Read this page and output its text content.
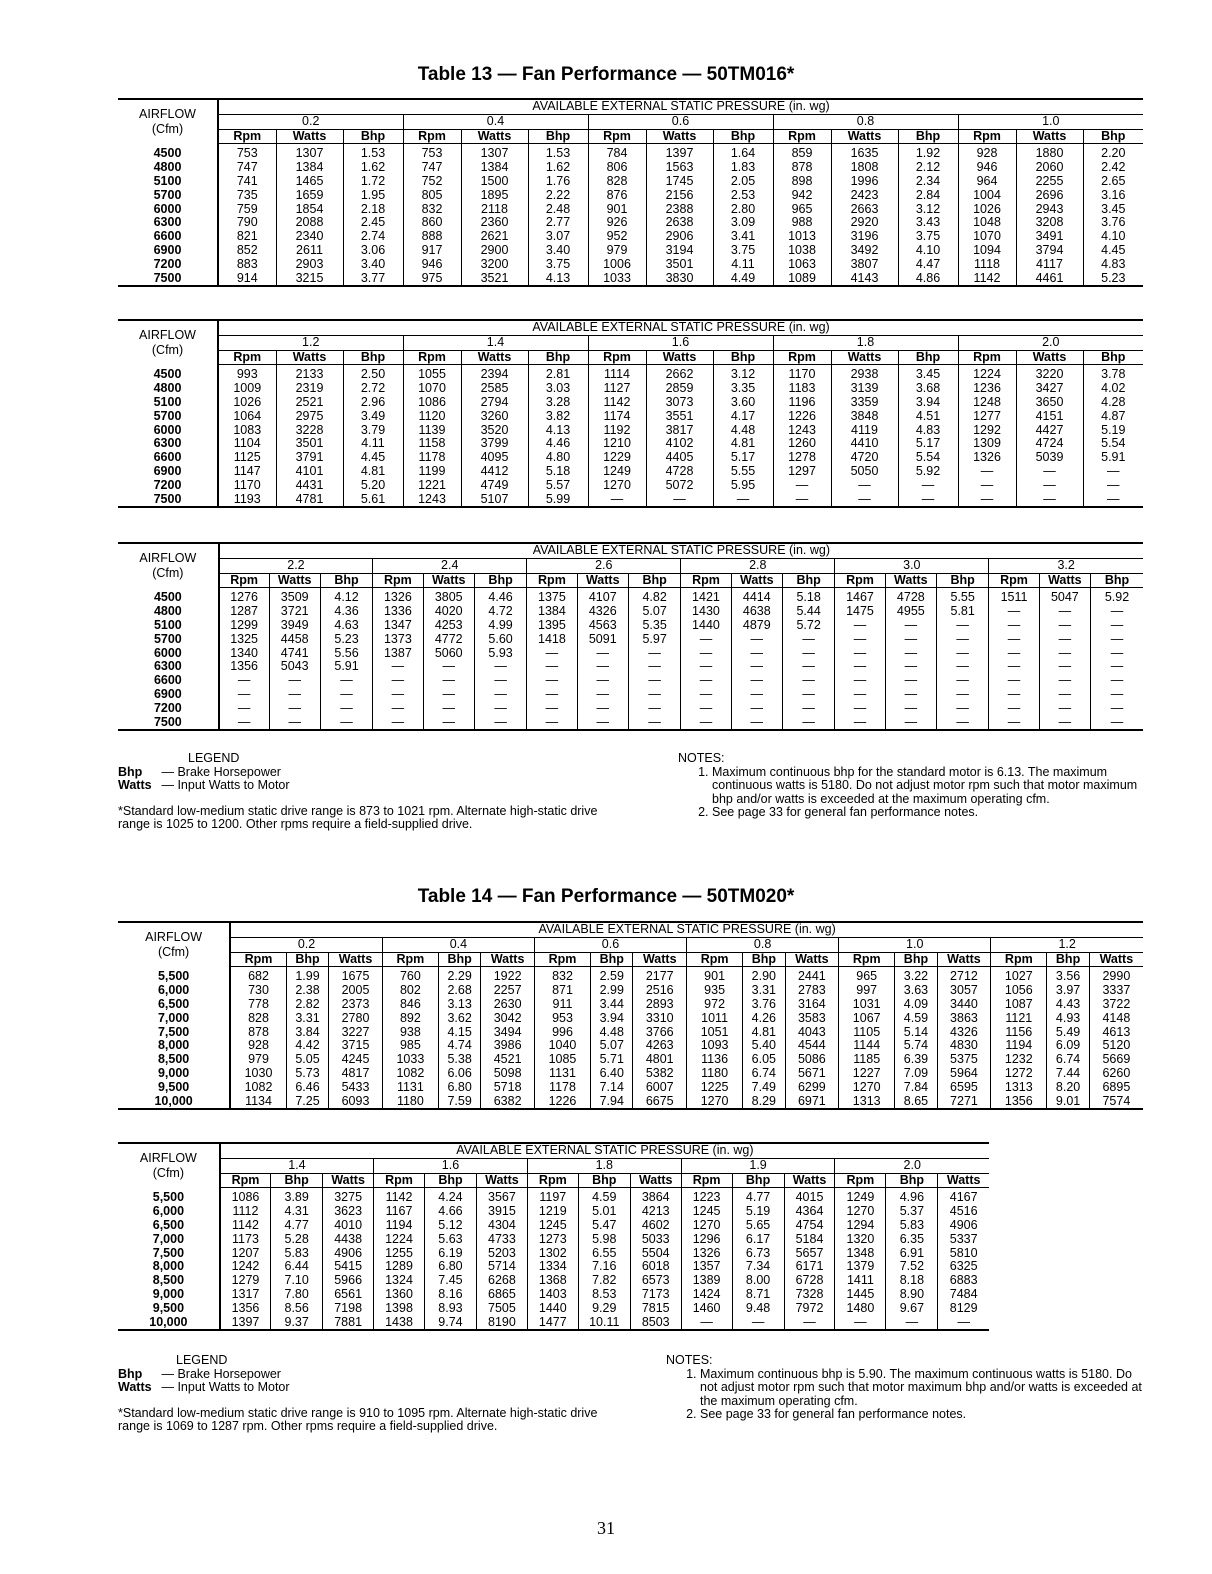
Table 13 — Fan Performance — 50TM016*
AIRFLOW
(Cfm)	AVAILABLE EXTERNAL STATIC PRESSURE (in. wg)														
	0.2			0.4			0.6			0.8			1.0		
	Rpm	Watts	Bhp	Rpm	Watts	Bhp	Rpm	Watts	Bhp	Rpm	Watts	Bhp	Rpm	Watts	Bhp
4500	753	1307	1.53	753	1307	1.53	784	1397	1.64	859	1635	1.92	928	1880	2.20
4800	747	1384	1.62	747	1384	1.62	806	1563	1.83	878	1808	2.12	946	2060	2.42
5100	741	1465	1.72	752	1500	1.76	828	1745	2.05	898	1996	2.34	964	2255	2.65
5700	735	1659	1.95	805	1895	2.22	876	2156	2.53	942	2423	2.84	1004	2696	3.16
6000	759	1854	2.18	832	2118	2.48	901	2388	2.80	965	2663	3.12	1026	2943	3.45
6300	790	2088	2.45	860	2360	2.77	926	2638	3.09	988	2920	3.43	1048	3208	3.76
6600	821	2340	2.74	888	2621	3.07	952	2906	3.41	1013	3196	3.75	1070	3491	4.10
6900	852	2611	3.06	917	2900	3.40	979	3194	3.75	1038	3492	4.10	1094	3794	4.45
7200	883	2903	3.40	946	3200	3.75	1006	3501	4.11	1063	3807	4.47	1118	4117	4.83
7500	914	3215	3.77	975	3521	4.13	1033	3830	4.49	1089	4143	4.86	1142	4461	5.23
AIRFLOW
(Cfm)	AVAILABLE EXTERNAL STATIC PRESSURE (in. wg)														
	1.2			1.4			1.6			1.8			2.0		
	Rpm	Watts	Bhp	Rpm	Watts	Bhp	Rpm	Watts	Bhp	Rpm	Watts	Bhp	Rpm	Watts	Bhp
4500	993	2133	2.50	1055	2394	2.81	1114	2662	3.12	1170	2938	3.45	1224	3220	3.78
4800	1009	2319	2.72	1070	2585	3.03	1127	2859	3.35	1183	3139	3.68	1236	3427	4.02
5100	1026	2521	2.96	1086	2794	3.28	1142	3073	3.60	1196	3359	3.94	1248	3650	4.28
5700	1064	2975	3.49	1120	3260	3.82	1174	3551	4.17	1226	3848	4.51	1277	4151	4.87
6000	1083	3228	3.79	1139	3520	4.13	1192	3817	4.48	1243	4119	4.83	1292	4427	5.19
6300	1104	3501	4.11	1158	3799	4.46	1210	4102	4.81	1260	4410	5.17	1309	4724	5.54
6600	1125	3791	4.45	1178	4095	4.80	1229	4405	5.17	1278	4720	5.54	1326	5039	5.91
6900	1147	4101	4.81	1199	4412	5.18	1249	4728	5.55	1297	5050	5.92	—	—	—
7200	1170	4431	5.20	1221	4749	5.57	1270	5072	5.95	—	—	—	—	—	—
7500	1193	4781	5.61	1243	5107	5.99	—	—	—	—	—	—	—	—	—
AIRFLOW
(Cfm)	AVAILABLE EXTERNAL STATIC PRESSURE (in. wg)																	
	2.2			2.4			2.6			2.8			3.0			3.2		
	Rpm	Watts	Bhp	Rpm	Watts	Bhp	Rpm	Watts	Bhp	Rpm	Watts	Bhp	Rpm	Watts	Bhp	Rpm	Watts	Bhp
4500	1276	3509	4.12	1326	3805	4.46	1375	4107	4.82	1421	4414	5.18	1467	4728	5.55	1511	5047	5.92
4800	1287	3721	4.36	1336	4020	4.72	1384	4326	5.07	1430	4638	5.44	1475	4955	5.81	—	—	—
5100	1299	3949	4.63	1347	4253	4.99	1395	4563	5.35	1440	4879	5.72	—	—	—	—	—	—
5700	1325	4458	5.23	1373	4772	5.60	1418	5091	5.97	—	—	—	—	—	—	—	—	—
6000	1340	4741	5.56	1387	5060	5.93	—	—	—	—	—	—	—	—	—	—	—	—
6300	1356	5043	5.91	—	—	—	—	—	—	—	—	—	—	—	—	—	—	—
6600	—	—	—	—	—	—	—	—	—	—	—	—	—	—	—	—	—	—
6900	—	—	—	—	—	—	—	—	—	—	—	—	—	—	—	—	—	—
7200	—	—	—	—	—	—	—	—	—	—	—	—	—	—	—	—	—	—
7500	—	—	—	—	—	—	—	—	—	—	—	—	—	—	—	—	—	—
LEGEND
Bhp — Brake Horsepower
Watts — Input Watts to Motor
*Standard low-medium static drive range is 873 to 1021 rpm. Alternate high-static drive range is 1025 to 1200. Other rpms require a field-supplied drive.
NOTES:
1. Maximum continuous bhp for the standard motor is 6.13. The maximum continuous watts is 5180. Do not adjust motor rpm such that motor maximum bhp and/or watts is exceeded at the maximum operating cfm.
2. See page 33 for general fan performance notes.
Table 14 — Fan Performance — 50TM020*
AIRFLOW
(Cfm)	AVAILABLE EXTERNAL STATIC PRESSURE (in. wg)																	
	0.2			0.4			0.6			0.8			1.0			1.2		
	Rpm	Bhp	Watts	Rpm	Bhp	Watts	Rpm	Bhp	Watts	Rpm	Bhp	Watts	Rpm	Bhp	Watts	Rpm	Bhp	Watts
5,500	682	1.99	1675	760	2.29	1922	832	2.59	2177	901	2.90	2441	965	3.22	2712	1027	3.56	2990
6,000	730	2.38	2005	802	2.68	2257	871	2.99	2516	935	3.31	2783	997	3.63	3057	1056	3.97	3337
6,500	778	2.82	2373	846	3.13	2630	911	3.44	2893	972	3.76	3164	1031	4.09	3440	1087	4.43	3722
7,000	828	3.31	2780	892	3.62	3042	953	3.94	3310	1011	4.26	3583	1067	4.59	3863	1121	4.93	4148
7,500	878	3.84	3227	938	4.15	3494	996	4.48	3766	1051	4.81	4043	1105	5.14	4326	1156	5.49	4613
8,000	928	4.42	3715	985	4.74	3986	1040	5.07	4263	1093	5.40	4544	1144	5.74	4830	1194	6.09	5120
8,500	979	5.05	4245	1033	5.38	4521	1085	5.71	4801	1136	6.05	5086	1185	6.39	5375	1232	6.74	5669
9,000	1030	5.73	4817	1082	6.06	5098	1131	6.40	5382	1180	6.74	5671	1227	7.09	5964	1272	7.44	6260
9,500	1082	6.46	5433	1131	6.80	5718	1178	7.14	6007	1225	7.49	6299	1270	7.84	6595	1313	8.20	6895
10,000	1134	7.25	6093	1180	7.59	6382	1226	7.94	6675	1270	8.29	6971	1313	8.65	7271	1356	9.01	7574
AIRFLOW
(Cfm)	AVAILABLE EXTERNAL STATIC PRESSURE (in. wg)														
	1.4			1.6			1.8			1.9			2.0		
	Rpm	Bhp	Watts	Rpm	Bhp	Watts	Rpm	Bhp	Watts	Rpm	Bhp	Watts	Rpm	Bhp	Watts
5,500	1086	3.89	3275	1142	4.24	3567	1197	4.59	3864	1223	4.77	4015	1249	4.96	4167
6,000	1112	4.31	3623	1167	4.66	3915	1219	5.01	4213	1245	5.19	4364	1270	5.37	4516
6,500	1142	4.77	4010	1194	5.12	4304	1245	5.47	4602	1270	5.65	4754	1294	5.83	4906
7,000	1173	5.28	4438	1224	5.63	4733	1273	5.98	5033	1296	6.17	5184	1320	6.35	5337
7,500	1207	5.83	4906	1255	6.19	5203	1302	6.55	5504	1326	6.73	5657	1348	6.91	5810
8,000	1242	6.44	5415	1289	6.80	5714	1334	7.16	6018	1357	7.34	6171	1379	7.52	6325
8,500	1279	7.10	5966	1324	7.45	6268	1368	7.82	6573	1389	8.00	6728	1411	8.18	6883
9,000	1317	7.80	6561	1360	8.16	6865	1403	8.53	7173	1424	8.71	7328	1445	8.90	7484
9,500	1356	8.56	7198	1398	8.93	7505	1440	9.29	7815	1460	9.48	7972	1480	9.67	8129
10,000	1397	9.37	7881	1438	9.74	8190	1477	10.11	8503	—	—	—	—	—	—
LEGEND
Bhp — Brake Horsepower
Watts — Input Watts to Motor
*Standard low-medium static drive range is 910 to 1095 rpm. Alternate high-static drive range is 1069 to 1287 rpm. Other rpms require a field-supplied drive.
NOTES:
1. Maximum continuous bhp is 5.90. The maximum continuous watts is 5180. Do not adjust motor rpm such that motor maximum bhp and/or watts is exceeded at the maximum operating cfm.
2. See page 33 for general fan performance notes.
31
